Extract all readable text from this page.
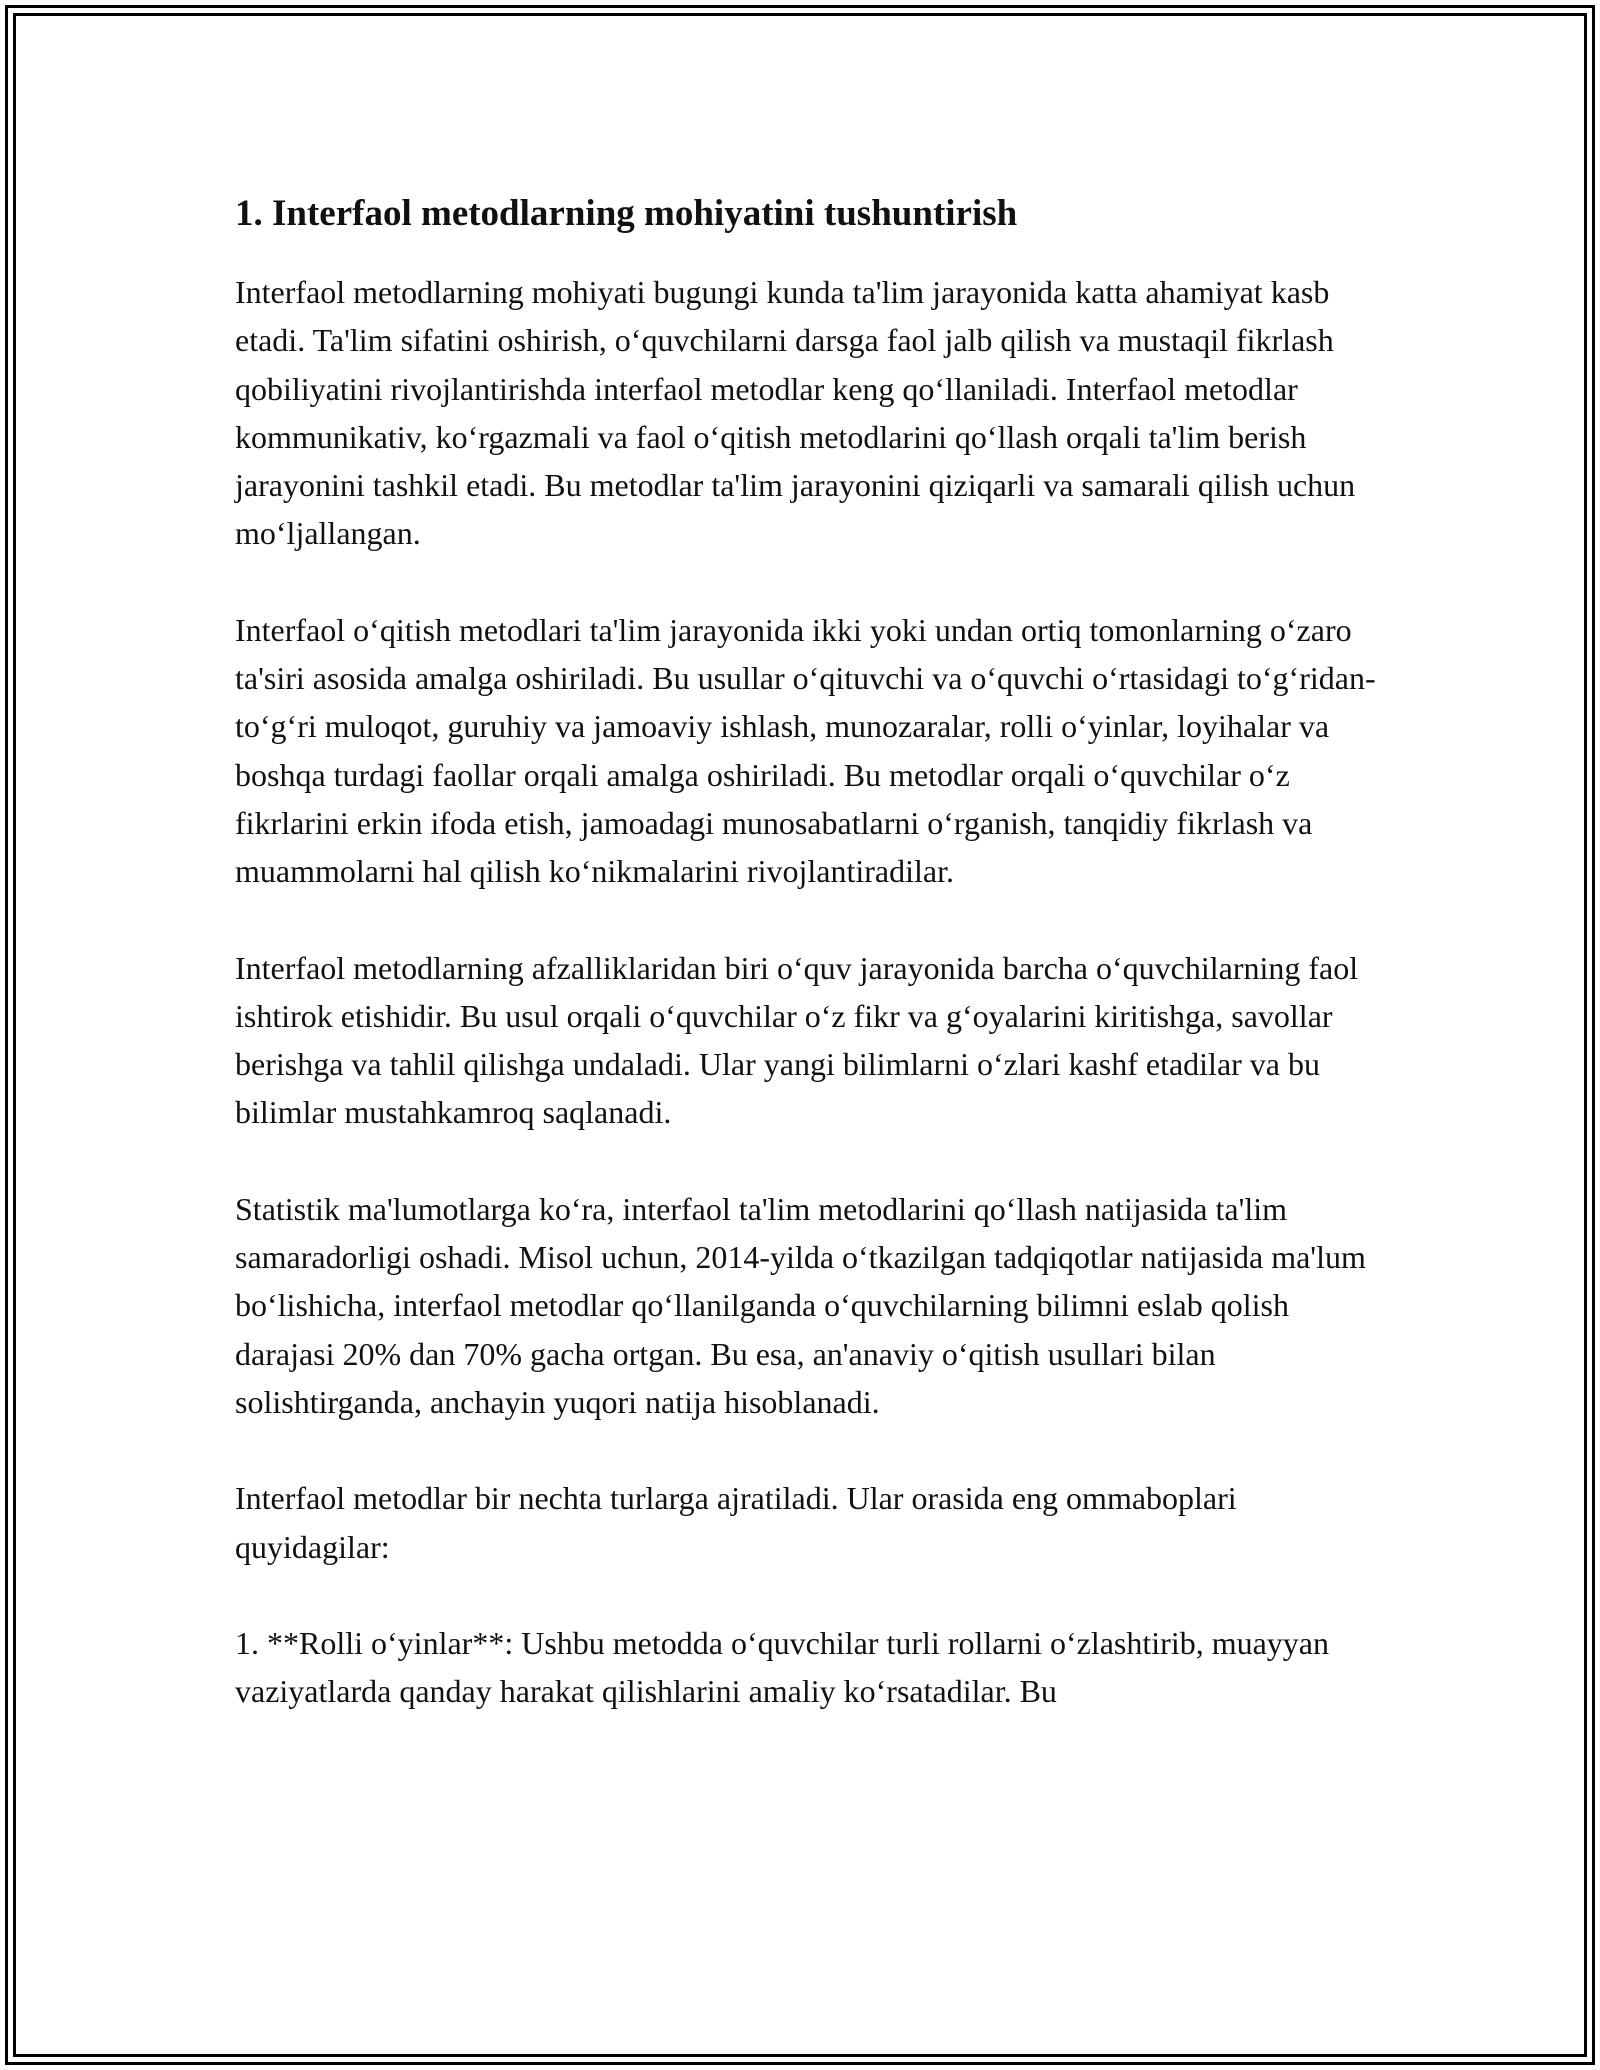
1. Interfaol metodlarning mohiyatini tushuntirish

Interfaol metodlarning mohiyati bugungi kunda ta'lim jarayonida katta ahamiyat kasb etadi. Ta'lim sifatini oshirish, o‘quvchilarni darsga faol jalb qilish va mustaqil fikrlash qobiliyatini rivojlantirishda interfaol metodlar keng qo‘llaniladi. Interfaol metodlar kommunikativ, ko‘rgazmali va faol o‘qitish metodlarini qo‘llash orqali ta'lim berish jarayonini tashkil etadi. Bu metodlar ta'lim jarayonini qiziqarli va samarali qilish uchun mo‘ljallangan.

Interfaol o‘qitish metodlari ta'lim jarayonida ikki yoki undan ortiq tomonlarning o‘zaro ta'siri asosida amalga oshiriladi. Bu usullar o‘qituvchi va o‘quvchi o‘rtasidagi to‘g‘ridan-to‘g‘ri muloqot, guruhiy va jamoaviy ishlash, munozaralar, rolli o‘yinlar, loyihalar va boshqa turdagi faollar orqali amalga oshiriladi. Bu metodlar orqali o‘quvchilar o‘z fikrlarini erkin ifoda etish, jamoadagi munosabatlarni o‘rganish, tanqidiy fikrlash va muammolarni hal qilish ko‘nikmalarini rivojlantiradilar.

Interfaol metodlarning afzalliklaridan biri o‘quv jarayonida barcha o‘quvchilarning faol ishtirok etishidir. Bu usul orqali o‘quvchilar o‘z fikr va g‘oyalarini kiritishga, savollar berishga va tahlil qilishga undaladi. Ular yangi bilimlarni o‘zlari kashf etadilar va bu bilimlar mustahkamroq saqlanadi.

Statistik ma'lumotlarga ko‘ra, interfaol ta'lim metodlarini qo‘llash natijasida ta'lim samaradorligi oshadi. Misol uchun, 2014-yilda o‘tkazilgan tadqiqotlar natijasida ma'lum bo‘lishicha, interfaol metodlar qo‘llanilganda o‘quvchilarning bilimni eslab qolish darajasi 20% dan 70% gacha ortgan. Bu esa, an'anaviy o‘qitish usullari bilan solishtirganda, anchayin yuqori natija hisoblanadi.

Interfaol metodlar bir nechta turlarga ajratiladi. Ular orasida eng ommaboplari quyidagilar:

1. **Rolli o‘yinlar**: Ushbu metodda o‘quvchilar turli rollarni o‘zlashtirib, muayyan vaziyatlarda qanday harakat qilishlarini amaliy ko‘rsatadilar. Bu
